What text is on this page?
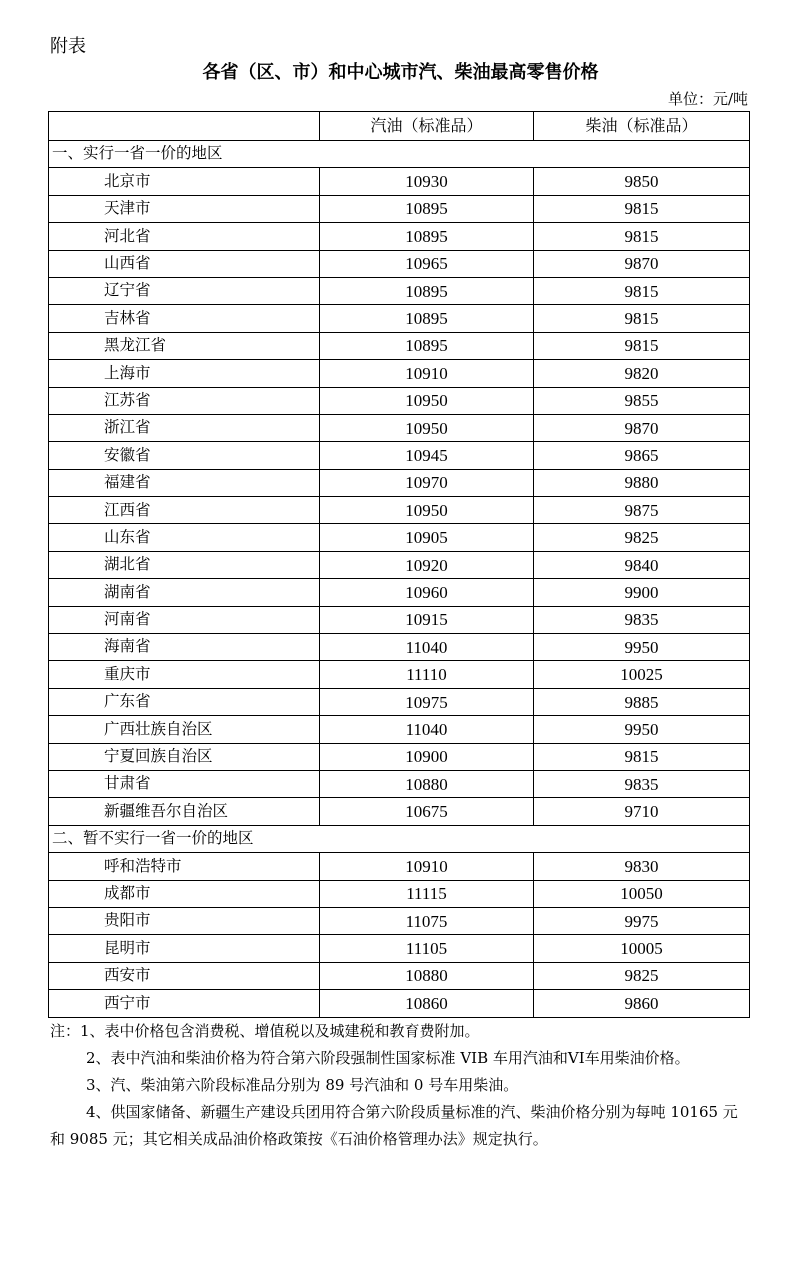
附表
各省（区、市）和中心城市汽、柴油最高零售价格
单位：元/吨
	汽油（标准品）	柴油（标准品）
一、实行一省一价的地区		
北京市	10930	9850
天津市	10895	9815
河北省	10895	9815
山西省	10965	9870
辽宁省	10895	9815
吉林省	10895	9815
黑龙江省	10895	9815
上海市	10910	9820
江苏省	10950	9855
浙江省	10950	9870
安徽省	10945	9865
福建省	10970	9880
江西省	10950	9875
山东省	10905	9825
湖北省	10920	9840
湖南省	10960	9900
河南省	10915	9835
海南省	11040	9950
重庆市	11110	10025
广东省	10975	9885
广西壮族自治区	11040	9950
宁夏回族自治区	10900	9815
甘肃省	10880	9835
新疆维吾尔自治区	10675	9710
二、暂不实行一省一价的地区		
呼和浩特市	10910	9830
成都市	11115	10050
贵阳市	11075	9975
昆明市	11105	10005
西安市	10880	9825
西宁市	10860	9860

注：1、表中价格包含消费税、增值税以及城建税和教育费附加。

2、表中汽油和柴油价格为符合第六阶段强制性国家标准 VIB 车用汽油和VI车用柴油价格。

3、汽、柴油第六阶段标准品分别为 89 号汽油和 0 号车用柴油。

4、供国家储备、新疆生产建设兵团用符合第六阶段质量标准的汽、柴油价格分别为每吨 10165 元和 9085 元；其它相关成品油价格政策按《石油价格管理办法》规定执行。
